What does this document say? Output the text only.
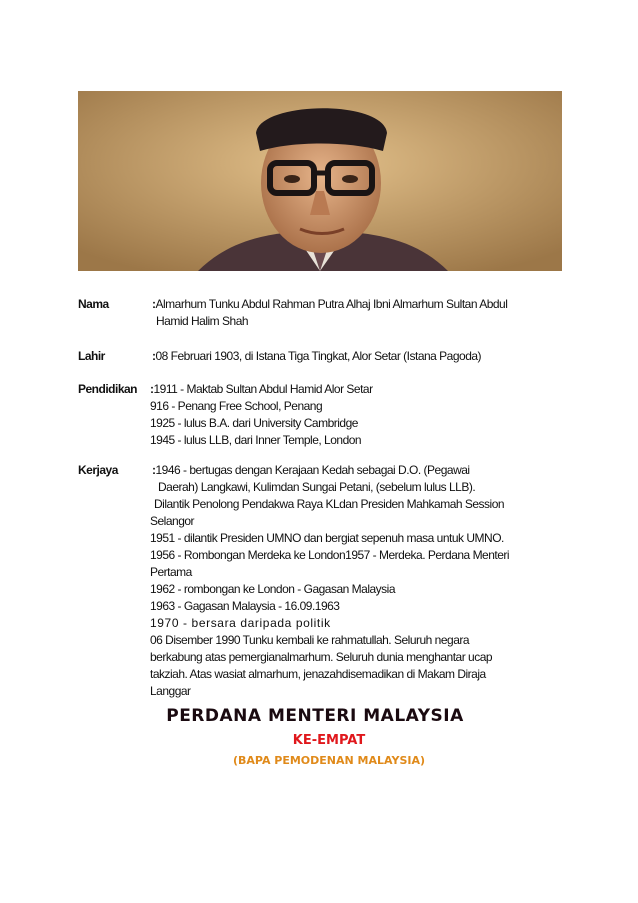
Nama	:Almarhum Tunku Abdul Rahman Putra Alhaj Ibni Almarhum Sultan Abdul
Hamid Halim Shah
Lahir	:08 Februari 1903, di Istana Tiga Tingkat, Alor Setar (Istana Pagoda)
Pendidikan	:1911 - Maktab Sultan Abdul Hamid Alor Setar
916 - Penang Free School, Penang
1925 - lulus B.A. dari University Cambridge
1945 - lulus LLB, dari Inner Temple, London
Kerjaya	:1946 - bertugas dengan Kerajaan Kedah sebagai D.O. (Pegawai
Daerah) Langkawi, Kulimdan Sungai Petani, (sebelum lulus LLB).
Dilantik Penolong Pendakwa Raya KLdan Presiden Mahkamah Session
Selangor
1951 - dilantik Presiden UMNO dan bergiat sepenuh masa untuk UMNO.
1956 - Rombongan Merdeka ke London1957 - Merdeka. Perdana Menteri
Pertama
1962 - rombongan ke London - Gagasan Malaysia
1963 - Gagasan Malaysia - 16.09.1963
1970 - bersara daripada politik
06 Disember 1990 Tunku kembali ke rahmatullah. Seluruh negara
berkabung atas pemergianalmarhum. Seluruh dunia menghantar ucap
takziah. Atas wasiat almarhum, jenazahdisemadikan di Makam Diraja
Langgar
PERDANA MENTERI MALAYSIA
KE-EMPAT
(BAPA PEMODENAN MALAYSIA)
